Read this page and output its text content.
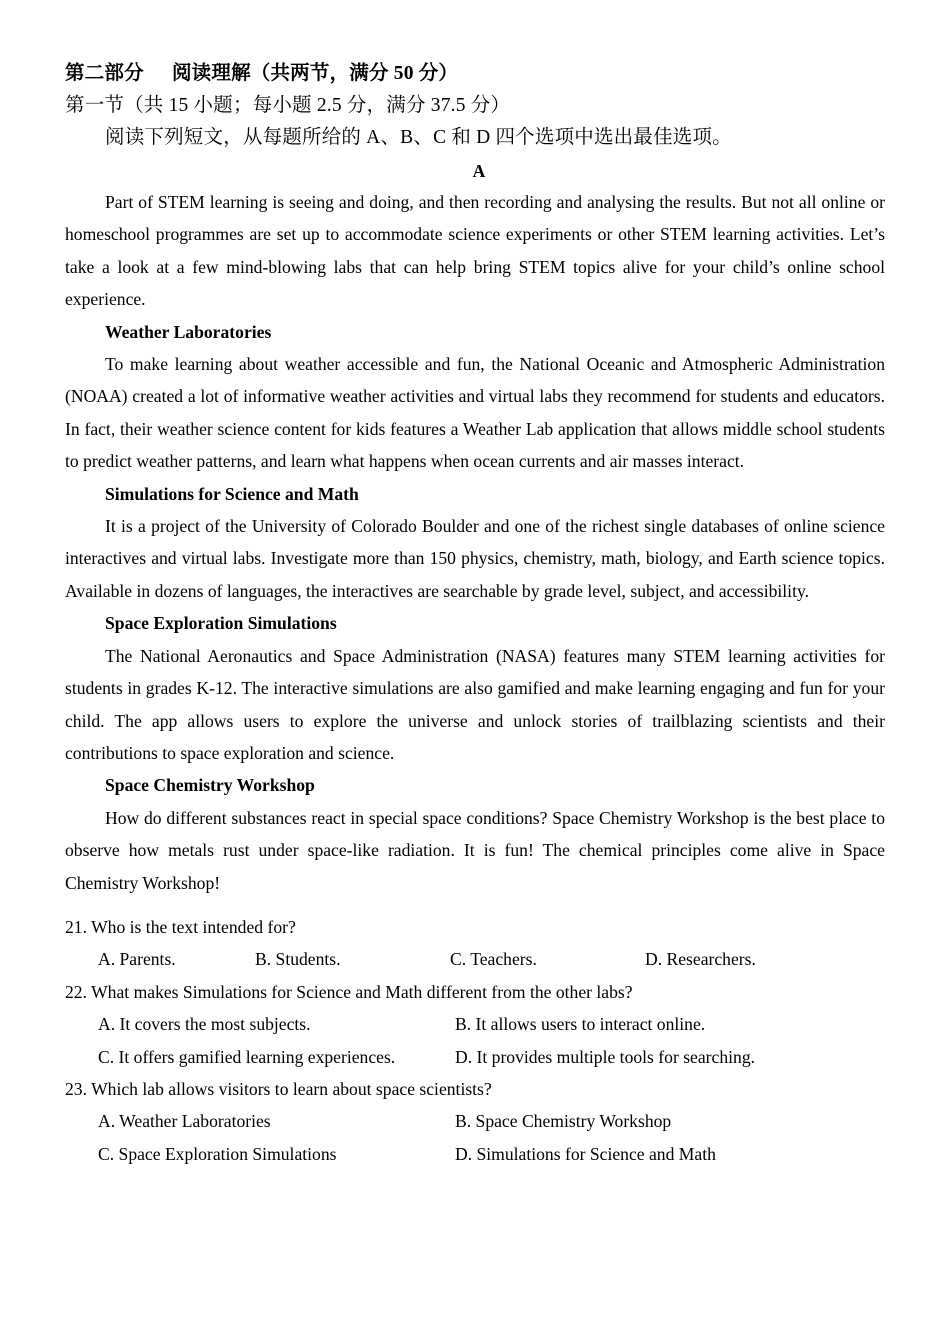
第二部分 阅读理解（共两节，满分 50 分）
第一节（共 15 小题；每小题 2.5 分，满分 37.5 分）
阅读下列短文，从每题所给的 A、B、C 和 D 四个选项中选出最佳选项。
A

Part of STEM learning is seeing and doing, and then recording and analysing the results. But not all online or homeschool programmes are set up to accommodate science experiments or other STEM learning activities. Let’s take a look at a few mind-blowing labs that can help bring STEM topics alive for your child’s online school experience.

Weather Laboratories

To make learning about weather accessible and fun, the National Oceanic and Atmospheric Administration (NOAA) created a lot of informative weather activities and virtual labs they recommend for students and educators. In fact, their weather science content for kids features a Weather Lab application that allows middle school students to predict weather patterns, and learn what happens when ocean currents and air masses interact.

Simulations for Science and Math

It is a project of the University of Colorado Boulder and one of the richest single databases of online science interactives and virtual labs. Investigate more than 150 physics, chemistry, math, biology, and Earth science topics. Available in dozens of languages, the interactives are searchable by grade level, subject, and accessibility.

Space Exploration Simulations

The National Aeronautics and Space Administration (NASA) features many STEM learning activities for students in grades K-12. The interactive simulations are also gamified and make learning engaging and fun for your child. The app allows users to explore the universe and unlock stories of trailblazing scientists and their contributions to space exploration and science.

Space Chemistry Workshop

How do different substances react in special space conditions? Space Chemistry Workshop is the best place to observe how metals rust under space-like radiation. It is fun! The chemical principles come alive in Space Chemistry Workshop!

21. Who is the text intended for?

A. Parents.	B. Students.	C. Teachers.	D. Researchers.

22. What makes Simulations for Science and Math different from the other labs?

A. It covers the most subjects.	B. It allows users to interact online.
C. It offers gamified learning experiences.	D. It provides multiple tools for searching.

23. Which lab allows visitors to learn about space scientists?

A. Weather Laboratories	B. Space Chemistry Workshop
C. Space Exploration Simulations	D. Simulations for Science and Math
